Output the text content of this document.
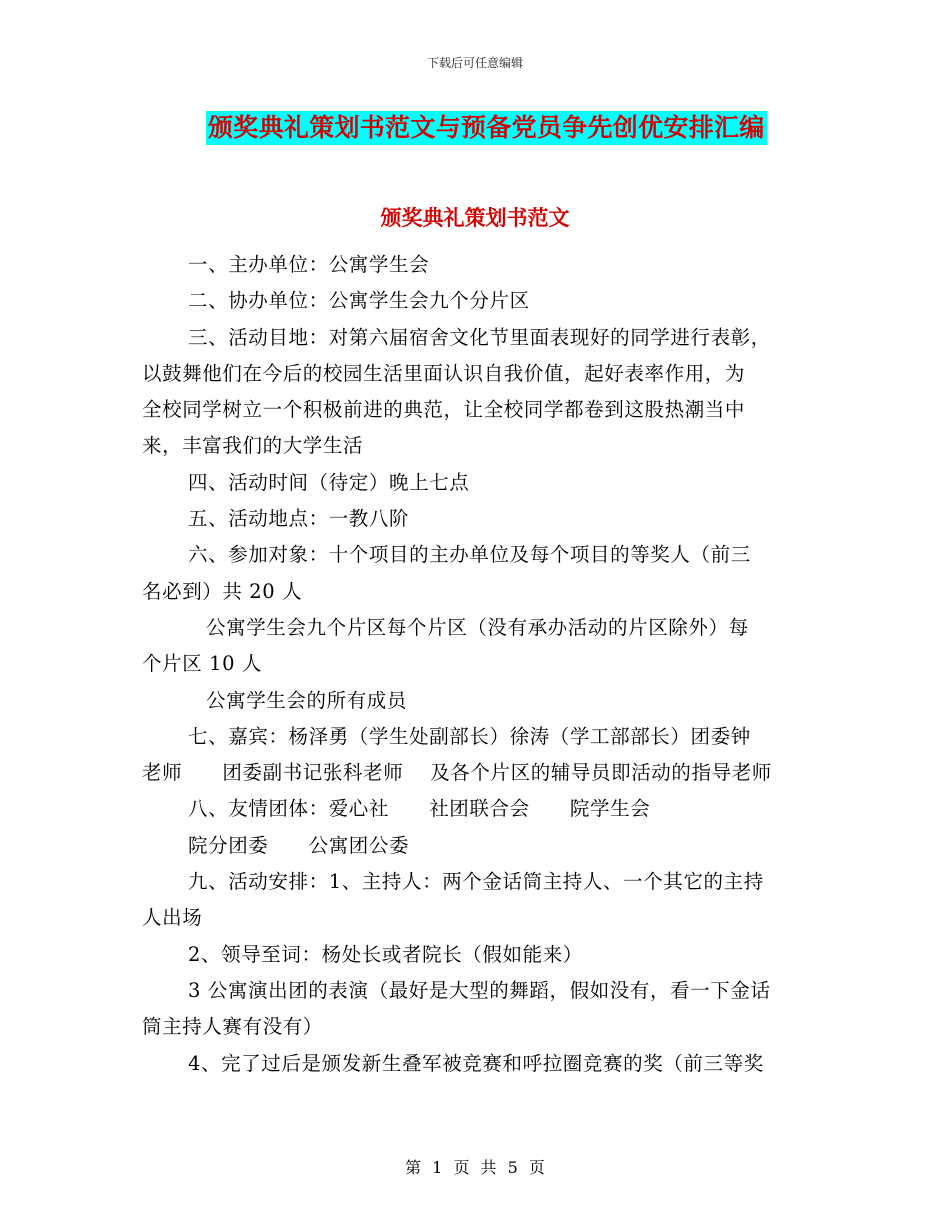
下载后可任意编辑
颁奖典礼策划书范文与预备党员争先创优安排汇编
颁奖典礼策划书范文
一、主办单位：公寓学生会
二、协办单位：公寓学生会九个分片区
三、活动目地：对第六届宿舍文化节里面表现好的同学进行表彰，
以鼓舞他们在今后的校园生活里面认识自我价值，起好表率作用，为
全校同学树立一个积极前进的典范，让全校同学都卷到这股热潮当中
来，丰富我们的大学生活
四、活动时间（待定）晚上七点
五、活动地点：一教八阶
六、参加对象：十个项目的主办单位及每个项目的等奖人（前三
名必到）共 20 人
公寓学生会九个片区每个片区（没有承办活动的片区除外）每
个片区 10 人
公寓学生会的所有成员
七、嘉宾：杨泽勇（学生处副部长）徐涛（学工部部长）团委钟
老师　　团委副书记张科老师　 及各个片区的辅导员即活动的指导老师
八、友情团体：爱心社　　社团联合会　　院学生会
院分团委　　公寓团公委
九、活动安排：1、主持人：两个金话筒主持人、一个其它的主持
人出场
2、领导至词：杨处长或者院长（假如能来）
3 公寓演出团的表演（最好是大型的舞蹈，假如没有，看一下金话
筒主持人赛有没有）
4、完了过后是颁发新生叠军被竞赛和呼拉圈竞赛的奖（前三等奖
第 1 页 共 5 页
